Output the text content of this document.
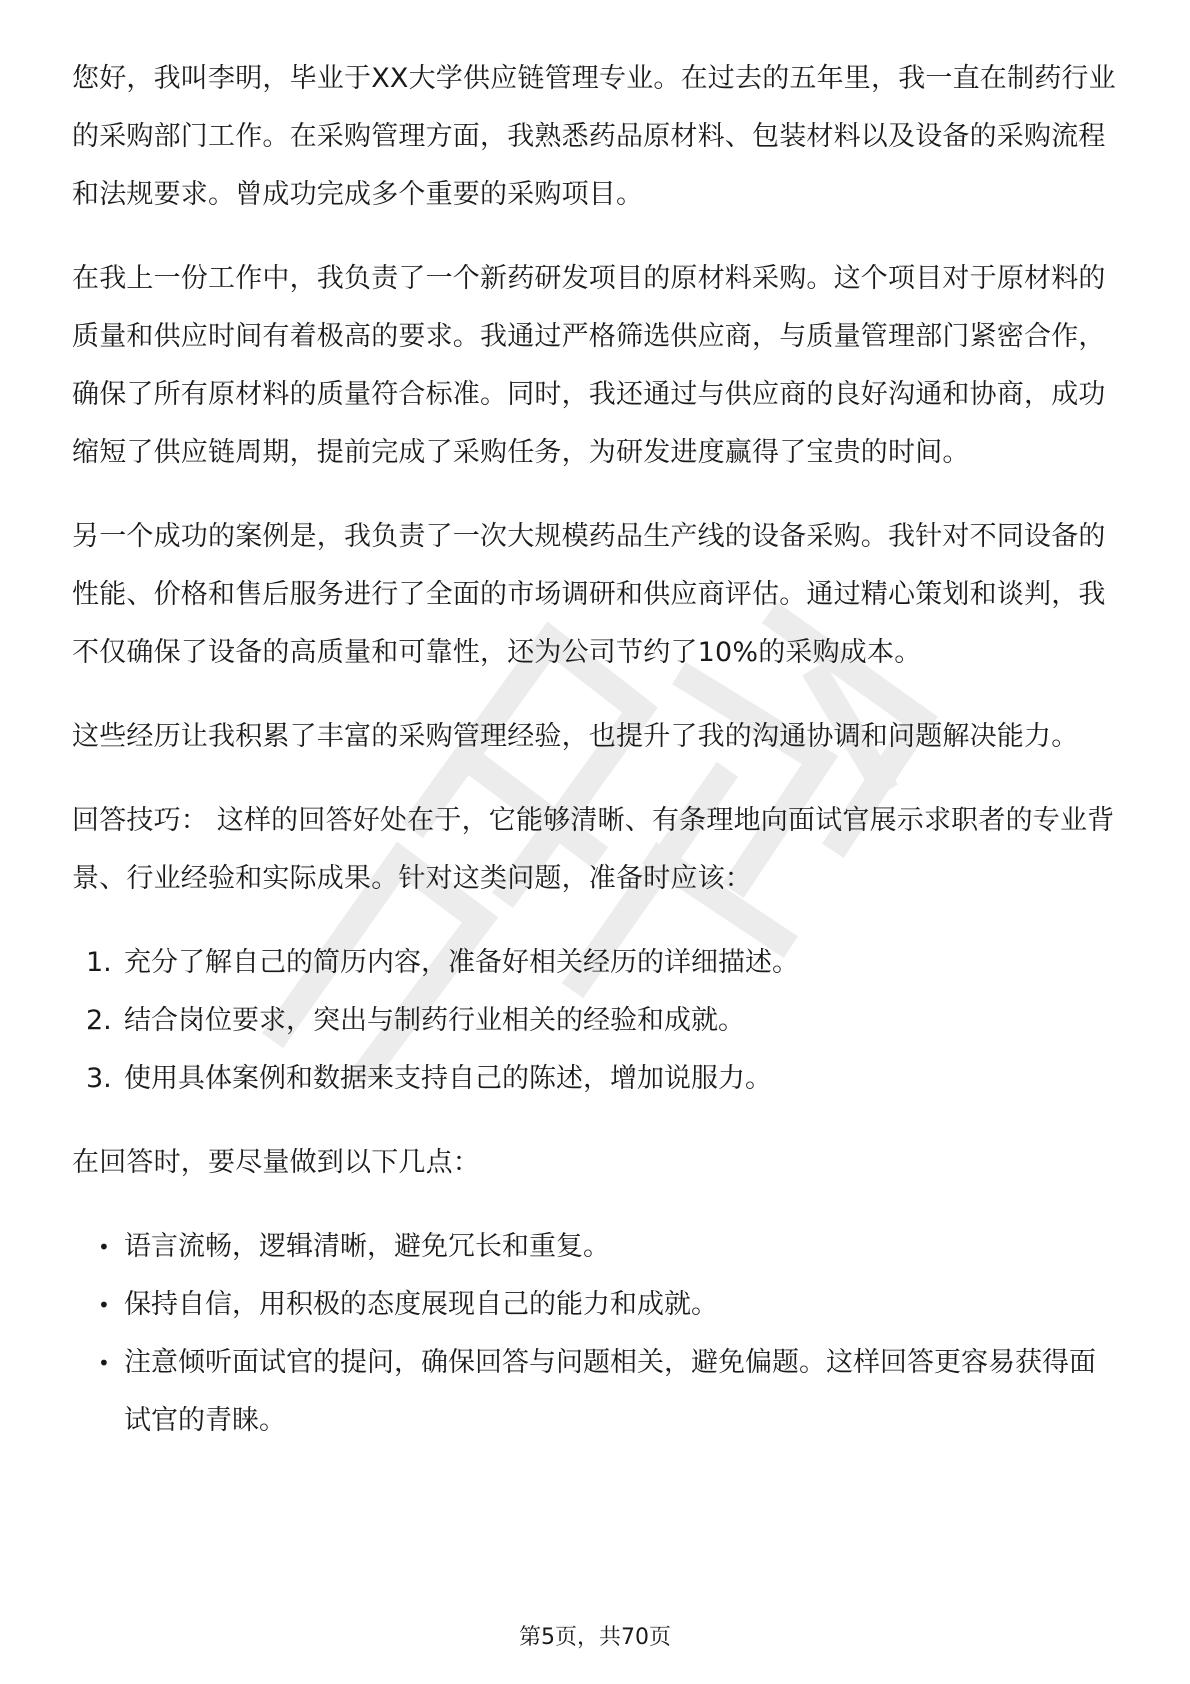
您好，我叫李明，毕业于XX大学供应链管理专业。在过去的五年里，我一直在制药行业的采购部门工作。在采购管理方面，我熟悉药品原材料、包装材料以及设备的采购流程和法规要求。曾成功完成多个重要的采购项目。

在我上一份工作中，我负责了一个新药研发项目的原材料采购。这个项目对于原材料的质量和供应时间有着极高的要求。我通过严格筛选供应商，与质量管理部门紧密合作，确保了所有原材料的质量符合标准。同时，我还通过与供应商的良好沟通和协商，成功缩短了供应链周期，提前完成了采购任务，为研发进度赢得了宝贵的时间。

另一个成功的案例是，我负责了一次大规模药品生产线的设备采购。我针对不同设备的性能、价格和售后服务进行了全面的市场调研和供应商评估。通过精心策划和谈判，我不仅确保了设备的高质量和可靠性，还为公司节约了10%的采购成本。

这些经历让我积累了丰富的采购管理经验，也提升了我的沟通协调和问题解决能力。

回答技巧： 这样的回答好处在于，它能够清晰、有条理地向面试官展示求职者的专业背景、行业经验和实际成果。针对这类问题，准备时应该：

1. 充分了解自己的简历内容，准备好相关经历的详细描述。
2. 结合岗位要求，突出与制药行业相关的经验和成就。
3. 使用具体案例和数据来支持自己的陈述，增加说服力。

在回答时，要尽量做到以下几点：

• 语言流畅，逻辑清晰，避免冗长和重复。
• 保持自信，用积极的态度展现自己的能力和成就。
• 注意倾听面试官的提问，确保回答与问题相关，避免偏题。这样回答更容易获得面试官的青睐。
第5页，共70页
